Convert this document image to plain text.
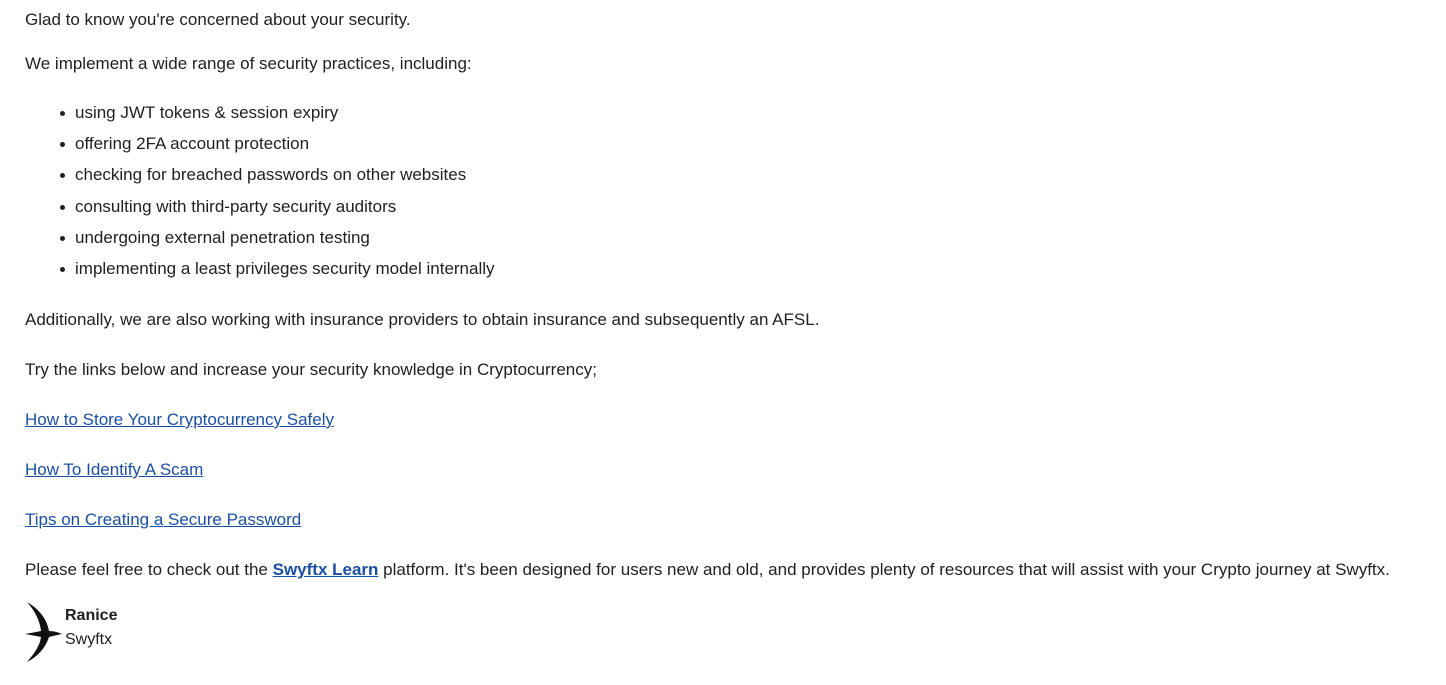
Glad to know you're concerned about your security.

We implement a wide range of security practices, including:

using JWT tokens & session expiry
offering 2FA account protection
checking for breached passwords on other websites
consulting with third-party security auditors
undergoing external penetration testing
implementing a least privileges security model internally

Additionally, we are also working with insurance providers to obtain insurance and subsequently an AFSL.

Try the links below and increase your security knowledge in Cryptocurrency;

How to Store Your Cryptocurrency Safely

How To Identify A Scam

Tips on Creating a Secure Password

Please feel free to check out the Swyftx Learn platform. It's been designed for users new and old, and provides plenty of resources that will assist with your Crypto journey at Swyftx.

Ranice
Swyftx
